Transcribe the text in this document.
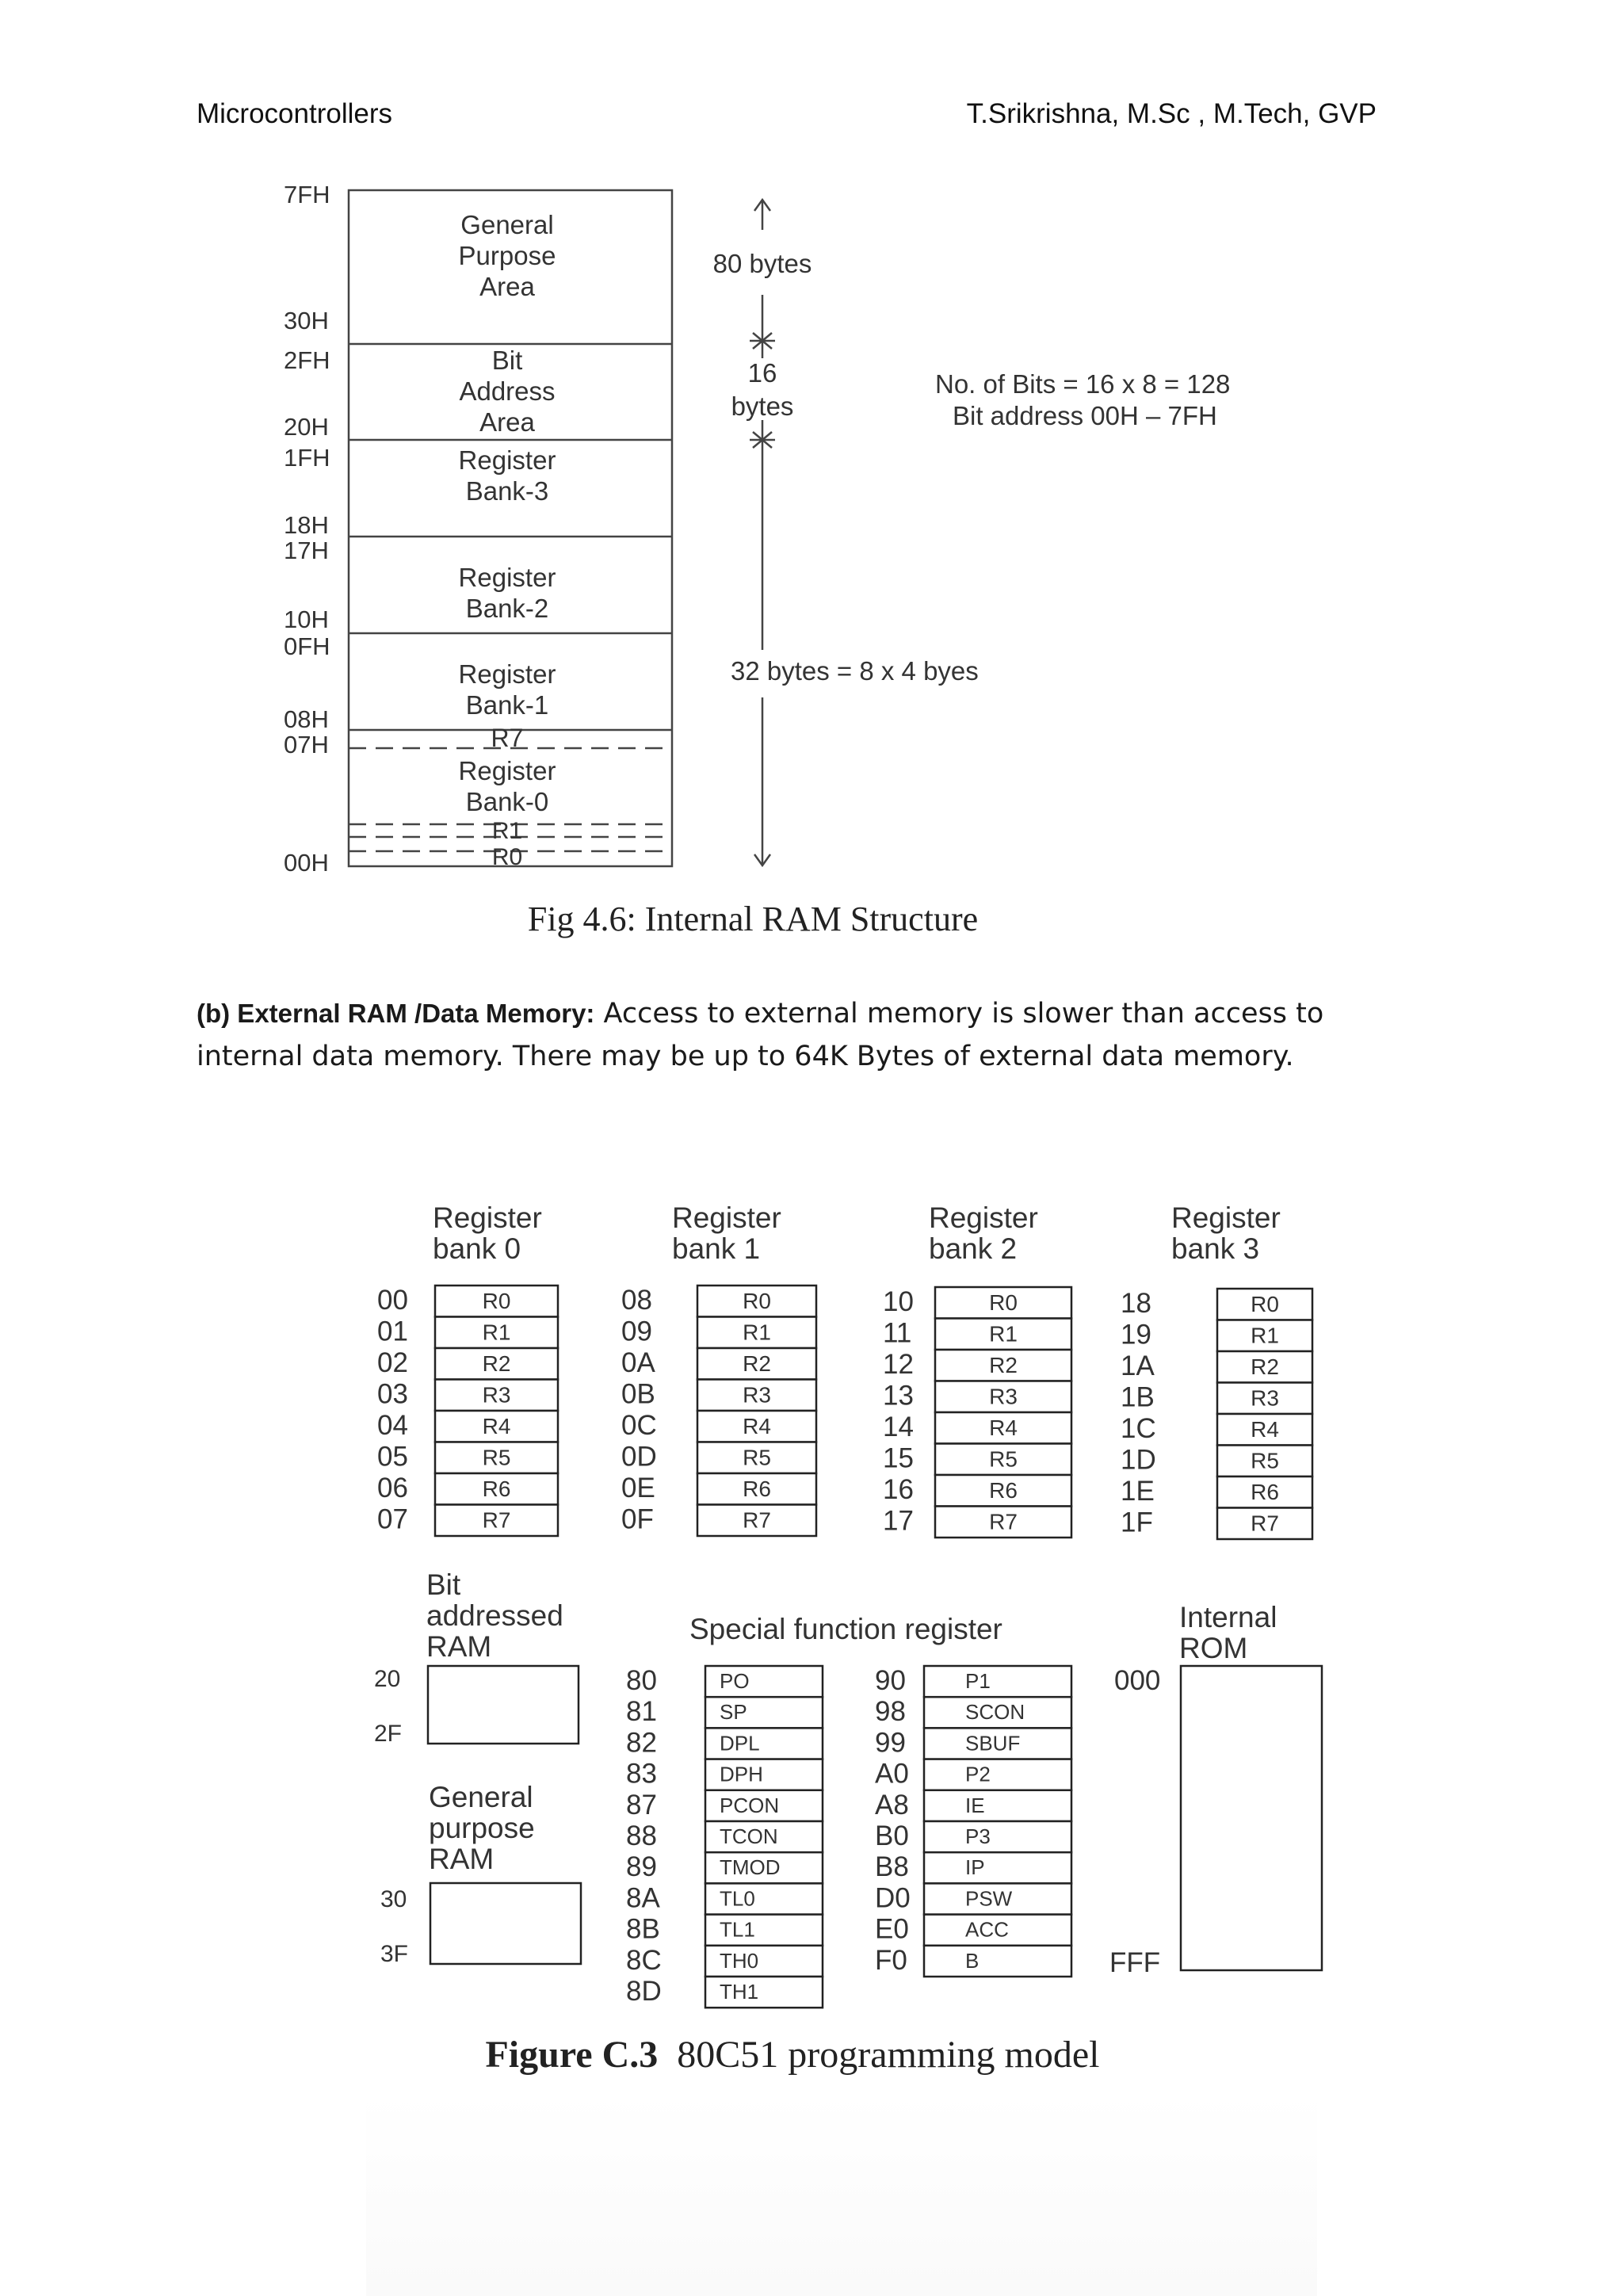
Microcontrollers	T.Srikrishna, M.Sc , M.Tech, GVP
7FH
30H
2FH
20H
1FH
18H
17H
10H
0FH
08H
07H
00H
General
Purpose
Area
Bit
Address
Area
Register
Bank-3
Register
Bank-2
Register
Bank-1
Register
Bank-0
R7
R1
R0
80 bytes
16
bytes
32 bytes = 8 x 4 byes
No. of Bits = 16 x 8 = 128
Bit address 00H – 7FH
Fig 4.6: Internal RAM Structure
(b) External RAM /Data Memory: Access to external memory is slower than access to internal data memory. There may be up to 64K Bytes of external data memory.
Register
bank 0
00	R0
01	R1
02	R2
03	R3
04	R4
05	R5
06	R6
07	R7
Register
bank 1
08	R0
09	R1
0A	R2
0B	R3
0C	R4
0D	R5
0E	R6
0F	R7
Register
bank 2
10	R0
11	R1
12	R2
13	R3
14	R4
15	R5
16	R6
17	R7
Register
bank 3
18	R0
19	R1
1A	R2
1B	R3
1C	R4
1D	R5
1E	R6
1F	R7
Bit
addressed
RAM
20
2F
General
purpose
RAM
30
3F
Special function register
80	PO
81	SP
82	DPL
83	DPH
87	PCON
88	TCON
89	TMOD
8A	TL0
8B	TL1
8C	TH0
8D	TH1
90	P1
98	SCON
99	SBUF
A0	P2
A8	IE
B0	P3
B8	IP
D0	PSW
E0	ACC
F0	B
Internal
ROM
000
FFF
Figure C.3 80C51 programming model
